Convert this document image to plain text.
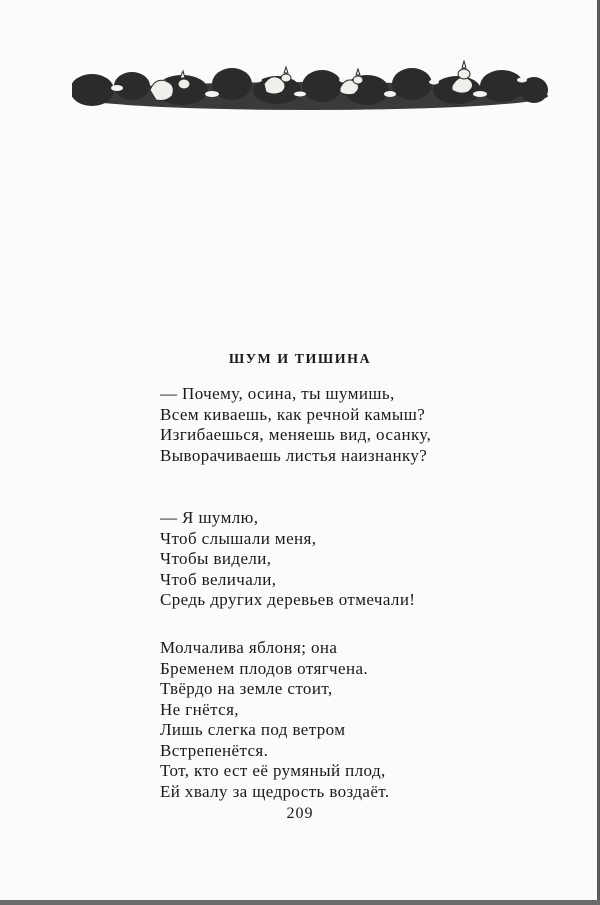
ШУМ И ТИШИНА
— Почему, осина, ты шумишь,
Всем киваешь, как речной камыш?
Изгибаешься, меняешь вид, осанку,
Выворачиваешь листья наизнанку?
— Я шумлю,
Чтоб слышали меня,
Чтобы видели,
Чтоб величали,
Средь других деревьев отмечали!
Молчалива яблоня; она
Бременем плодов отягчена.
Твёрдо на земле стоит,
Не гнётся,
Лишь слегка под ветром
Встрепенётся.
Тот, кто ест её румяный плод,
Ей хвалу за щедрость воздаёт.
209
